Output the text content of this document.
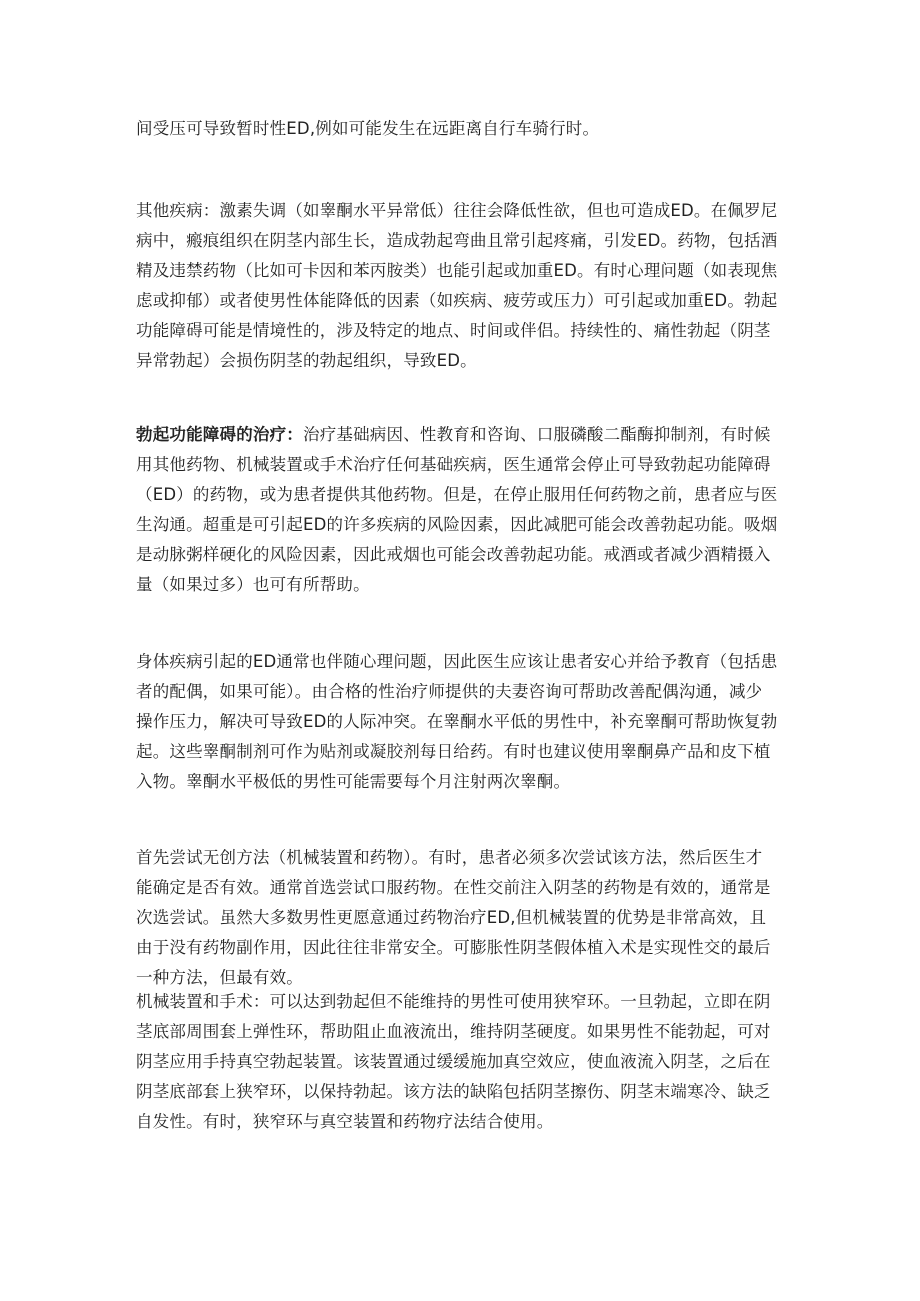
间受压可导致暂时性ED,例如可能发生在远距离自行车骑行时。

其他疾病：激素失调（如睾酮水平异常低）往往会降低性欲，但也可造成ED。在佩罗尼
病中，瘢痕组织在阴茎内部生长，造成勃起弯曲且常引起疼痛，引发ED。药物，包括酒
精及违禁药物（比如可卡因和苯丙胺类）也能引起或加重ED。有时心理问题（如表现焦
虑或抑郁）或者使男性体能降低的因素（如疾病、疲劳或压力）可引起或加重ED。勃起
功能障碍可能是情境性的，涉及特定的地点、时间或伴侣。持续性的、痛性勃起（阴茎
异常勃起）会损伤阴茎的勃起组织，导致ED。

勃起功能障碍的治疗：治疗基础病因、性教育和咨询、口服磷酸二酯酶抑制剂，有时候
用其他药物、机械装置或手术治疗任何基础疾病，医生通常会停止可导致勃起功能障碍
（ED）的药物，或为患者提供其他药物。但是，在停止服用任何药物之前，患者应与医
生沟通。超重是可引起ED的许多疾病的风险因素，因此减肥可能会改善勃起功能。吸烟
是动脉粥样硬化的风险因素，因此戒烟也可能会改善勃起功能。戒酒或者减少酒精摄入
量（如果过多）也可有所帮助。

身体疾病引起的ED通常也伴随心理问题，因此医生应该让患者安心并给予教育（包括患
者的配偶，如果可能）。由合格的性治疗师提供的夫妻咨询可帮助改善配偶沟通，减少
操作压力，解决可导致ED的人际冲突。在睾酮水平低的男性中，补充睾酮可帮助恢复勃
起。这些睾酮制剂可作为贴剂或凝胶剂每日给药。有时也建议使用睾酮鼻产品和皮下植
入物。睾酮水平极低的男性可能需要每个月注射两次睾酮。

首先尝试无创方法（机械装置和药物）。有时，患者必须多次尝试该方法，然后医生才
能确定是否有效。通常首选尝试口服药物。在性交前注入阴茎的药物是有效的，通常是
次选尝试。虽然大多数男性更愿意通过药物治疗ED,但机械装置的优势是非常高效，且
由于没有药物副作用，因此往往非常安全。可膨胀性阴茎假体植入术是实现性交的最后
一种方法，但最有效。

机械装置和手术：可以达到勃起但不能维持的男性可使用狭窄环。一旦勃起，立即在阴
茎底部周围套上弹性环，帮助阻止血液流出，维持阴茎硬度。如果男性不能勃起，可对
阴茎应用手持真空勃起装置。该装置通过缓缓施加真空效应，使血液流入阴茎，之后在
阴茎底部套上狭窄环，以保持勃起。该方法的缺陷包括阴茎擦伤、阴茎末端寒冷、缺乏
自发性。有时，狭窄环与真空装置和药物疗法结合使用。
